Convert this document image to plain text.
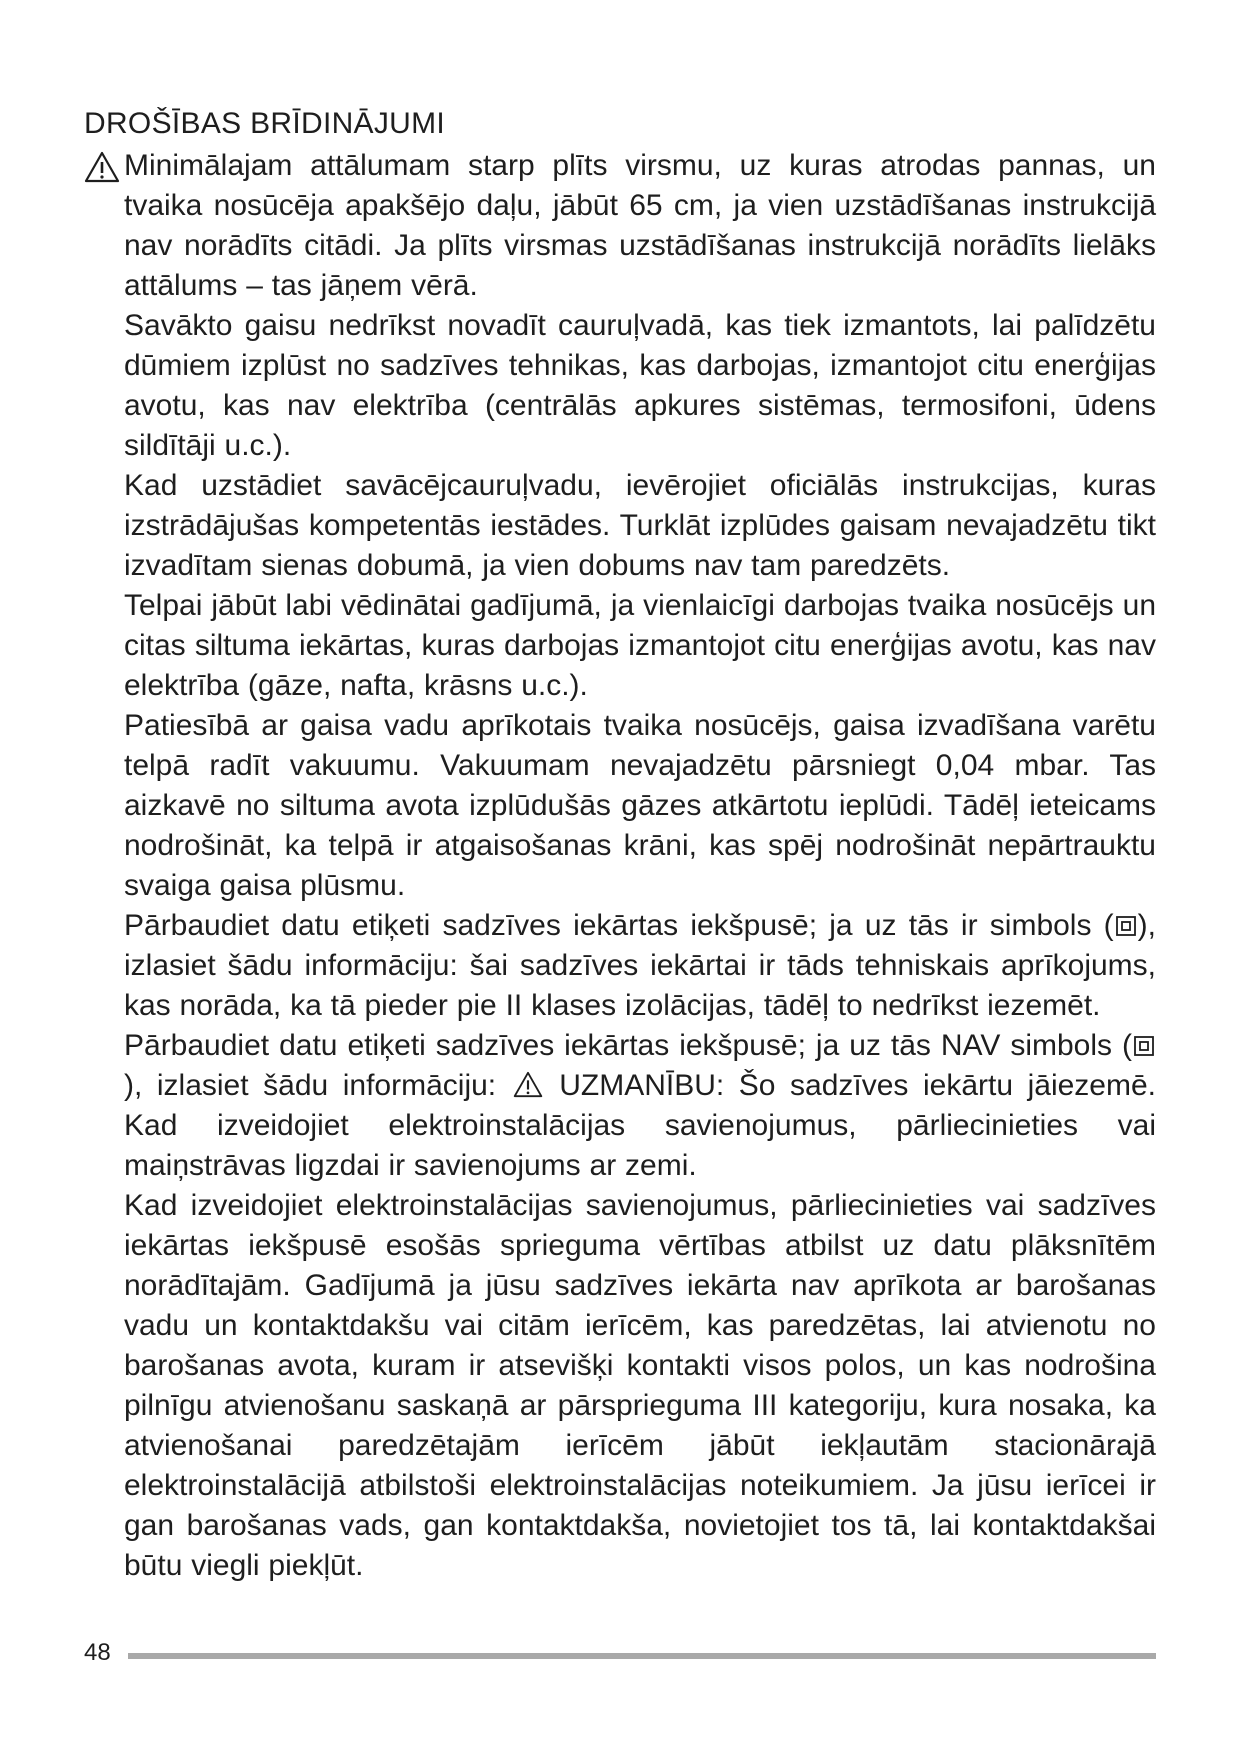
DROŠĪBAS BRĪDINĀJUMI

Minimālajam attālumam starp plīts virsmu, uz kuras atrodas pannas, un tvaika nosūcēja apakšējo daļu, jābūt 65 cm, ja vien uzstādīšanas instrukcijā nav norādīts citādi. Ja plīts virsmas uzstādīšanas instrukcijā norādīts lielāks attālums – tas jāņem vērā.

Savākto gaisu nedrīkst novadīt cauruļvadā, kas tiek izmantots, lai palīdzētu dūmiem izplūst no sadzīves tehnikas, kas darbojas, izmantojot citu enerģijas avotu, kas nav elektrība (centrālās apkures sistēmas, termosifoni, ūdens sildītāji u.c.).

Kad uzstādiet savācējcauruļvadu, ievērojiet oficiālās instrukcijas, kuras izstrādājušas kompetentās iestādes. Turklāt izplūdes gaisam nevajadzētu tikt izvadītam sienas dobumā, ja vien dobums nav tam paredzēts.

Telpai jābūt labi vēdinātai gadījumā, ja vienlaicīgi darbojas tvaika nosūcējs un citas siltuma iekārtas, kuras darbojas izmantojot citu enerģijas avotu, kas nav elektrība (gāze, nafta, krāsns u.c.).

Patiesībā ar gaisa vadu aprīkotais tvaika nosūcējs, gaisa izvadīšana varētu telpā radīt vakuumu. Vakuumam nevajadzētu pārsniegt 0,04 mbar. Tas aizkavē no siltuma avota izplūdušās gāzes atkārtotu ieplūdi. Tādēļ ieteicams nodrošināt, ka telpā ir atgaisošanas krāni, kas spēj nodrošināt nepārtrauktu svaiga gaisa plūsmu.

Pārbaudiet datu etiķeti sadzīves iekārtas iekšpusē; ja uz tās ir simbols ( ), izlasiet šādu informāciju: šai sadzīves iekārtai ir tāds tehniskais aprīkojums, kas norāda, ka tā pieder pie II klases izolācijas, tādēļ to nedrīkst iezemēt.

Pārbaudiet datu etiķeti sadzīves iekārtas iekšpusē; ja uz tās NAV simbols (), izlasiet šādu informāciju:  UZMANĪBU: Šo sadzīves iekārtu jāiezemē. Kad izveidojiet elektroinstalācijas savienojumus, pārliecinieties vai maiņstrāvas ligzdai ir savienojums ar zemi.

Kad izveidojiet elektroinstalācijas savienojumus, pārliecinieties vai sadzīves iekārtas iekšpusē esošās sprieguma vērtības atbilst uz datu plāksnītēm norādītajām. Gadījumā ja jūsu sadzīves iekārta nav aprīkota ar barošanas vadu un kontaktdakšu vai citām ierīcēm, kas paredzētas, lai atvienotu no barošanas avota, kuram ir atsevišķi kontakti visos polos, un kas nodrošina pilnīgu atvienošanu saskaņā ar pārsprieguma III kategoriju, kura nosaka, ka atvienošanai paredzētajām ierīcēm jābūt iekļautām stacionārajā elektroinstalācijā atbilstoši elektroinstalācijas noteikumiem. Ja jūsu ierīcei ir gan barošanas vads, gan kontaktdakša, novietojiet tos tā, lai kontaktdakšai būtu viegli piekļūt.

48
